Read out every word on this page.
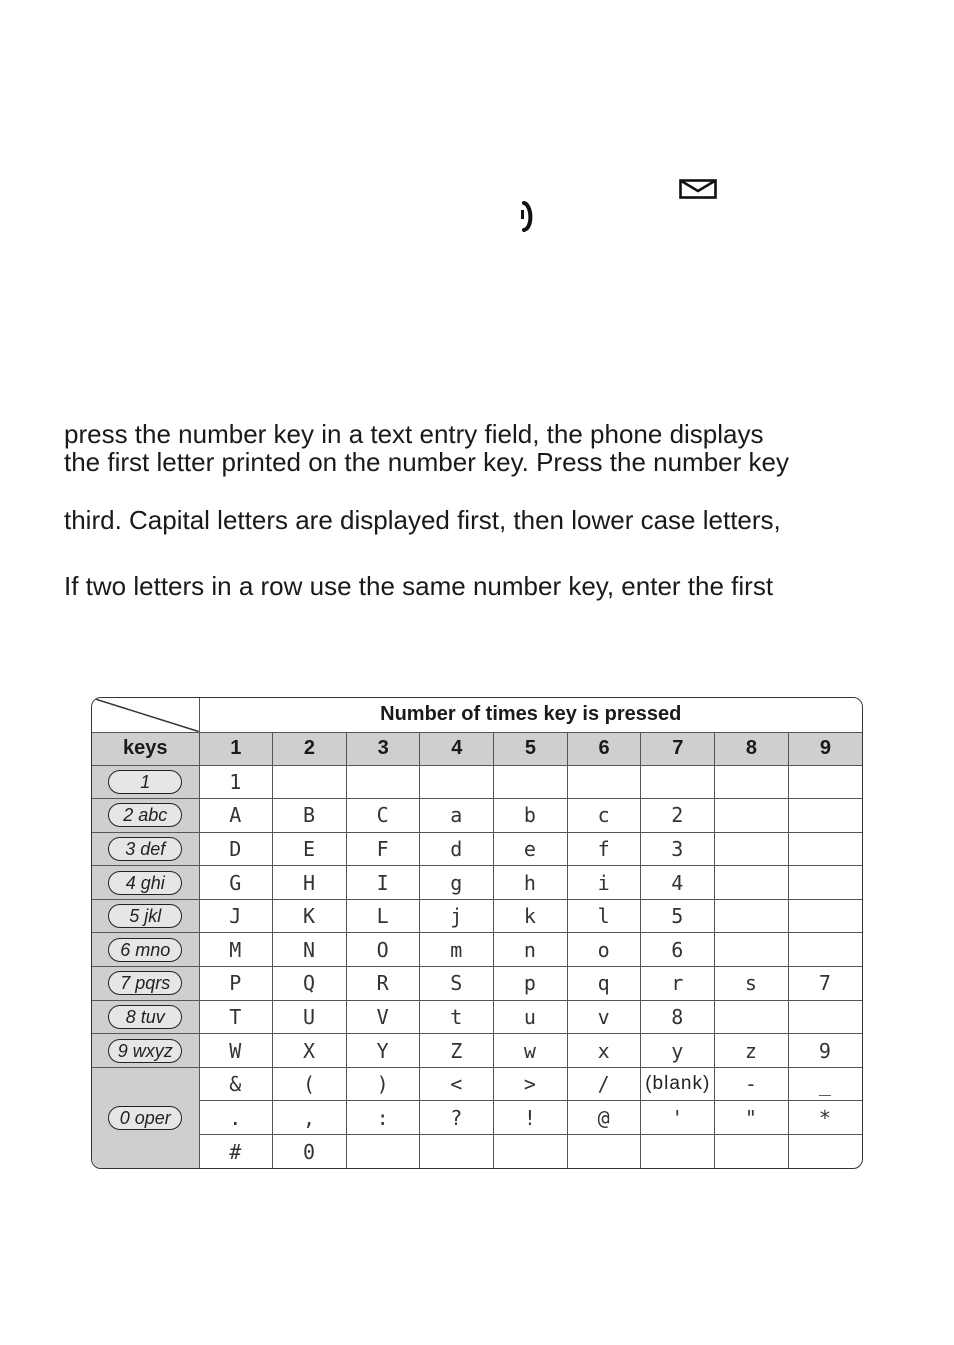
press the number key in a text entry field, the phone displays

the first letter printed on the number key. Press the number key

third. Capital letters are displayed first, then lower case letters,

If two letters in a row use the same number key, enter the first

	Number of times key is pressed								
keys	1	2	3	4	5	6	7	8	9
1	1								
2 abc	A	B	C	a	b	c	2		
3 def	D	E	F	d	e	f	3		
4 ghi	G	H	I	g	h	i	4		
5 jkl	J	K	L	j	k	l	5		
6 mno	M	N	O	m	n	o	6		
7 pqrs	P	Q	R	S	p	q	r	s	7
8 tuv	T	U	V	t	u	v	8		
9 wxyz	W	X	Y	Z	w	x	y	z	9
0 oper	&	(	)	<	>	/	(blank)	-	_
	.	,	:	?	!	@	'	"	*
	#	0							
